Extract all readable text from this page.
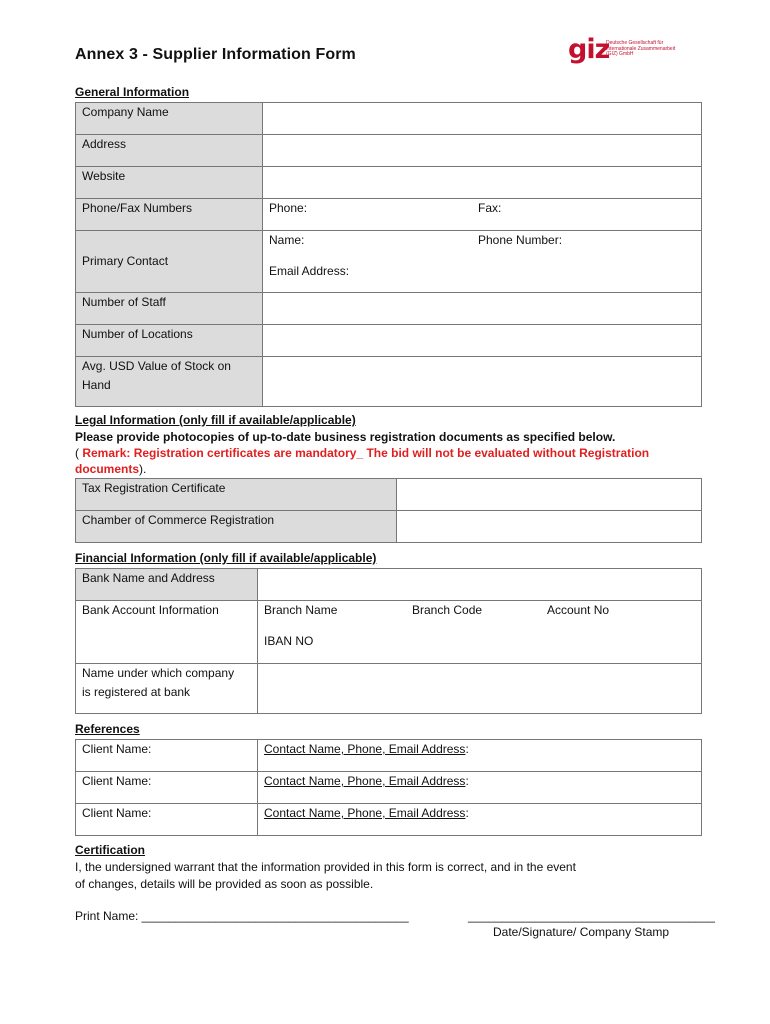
Annex 3 - Supplier Information Form	giz
Deutsche Gesellschaft für Internationale Zusammenarbeit (GIZ) GmbH
General Information
Company Name	
Address	
Website	
Phone/Fax Numbers	Phone: Fax:

Primary Contact	Name: Phone Number:
Email Address:

Number of Staff	
Number of Locations	

Avg. USD Value of Stock on
Hand	

Legal Information (only fill if available/applicable)
Please provide photocopies of up-to-date business registration documents as specified below.
( Remark: Registration certificates are mandatory_ The bid will not be evaluated without Registration
documents).
Tax Registration Certificate	
Chamber of Commerce Registration	
Financial Information (only fill if available/applicable)
Bank Name and Address	
Bank Account Information	Branch Name Branch Code Account No
IBAN NO

Name under which company
is registered at bank	

References
Client Name:	Contact Name, Phone, Email Address:
Client Name:	Contact Name, Phone, Email Address:
Client Name:	Contact Name, Phone, Email Address:
Certification
I, the undersigned warrant that the information provided in this form is correct, and in the event
of changes, details will be provided as soon as possible.
Print Name: ________________________________________	_____________________________________
Date/Signature/ Company Stamp
